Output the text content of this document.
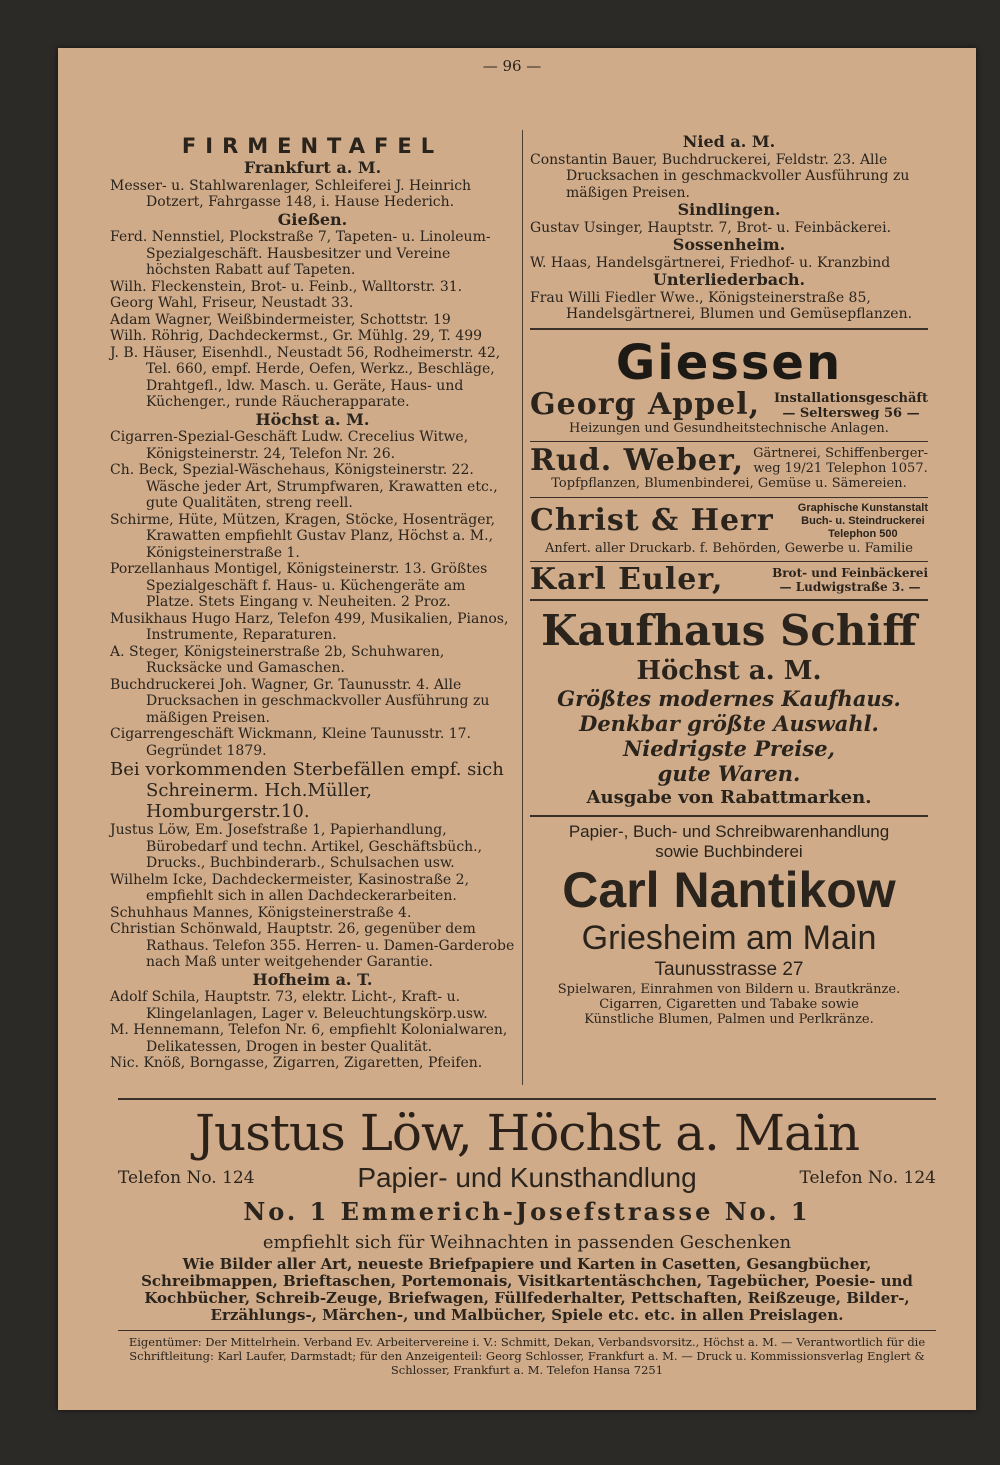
— 96 —
FIRMENTAFEL
Frankfurt a. M.

Messer- u. Stahlwarenlager, Schleiferei J. Heinrich Dotzert, Fahrgasse 148, i. Hause Hederich.

Gießen.

Ferd. Nennstiel, Plockstraße 7, Tapeten- u. Linoleum-Spezialgeschäft. Hausbesitzer und Vereine höchsten Rabatt auf Tapeten.

Wilh. Fleckenstein, Brot- u. Feinb., Walltorstr. 31.

Georg Wahl, Friseur, Neustadt 33.

Adam Wagner, Weißbindermeister, Schottstr. 19

Wilh. Röhrig, Dachdeckermst., Gr. Mühlg. 29, T. 499

J. B. Häuser, Eisenhdl., Neustadt 56, Rodheimerstr. 42, Tel. 660, empf. Herde, Oefen, Werkz., Beschläge, Drahtgefl., ldw. Masch. u. Geräte, Haus- und Küchenger., runde Räucherapparate.

Höchst a. M.

Cigarren-Spezial-Geschäft Ludw. Crecelius Witwe, Königsteinerstr. 24, Telefon Nr. 26.

Ch. Beck, Spezial-Wäschehaus, Königsteinerstr. 22. Wäsche jeder Art, Strumpfwaren, Krawatten etc., gute Qualitäten, streng reell.

Schirme, Hüte, Mützen, Kragen, Stöcke, Hosenträger, Krawatten empfiehlt Gustav Planz, Höchst a. M., Königsteinerstraße 1.

Porzellanhaus Montigel, Königsteinerstr. 13. Größtes Spezialgeschäft f. Haus- u. Küchengeräte am Platze. Stets Eingang v. Neuheiten. 2 Proz.

Musikhaus Hugo Harz, Telefon 499, Musikalien, Pianos, Instrumente, Reparaturen.

A. Steger, Königsteinerstraße 2b, Schuhwaren, Rucksäcke und Gamaschen.

Buchdruckerei Joh. Wagner, Gr. Taunusstr. 4. Alle Drucksachen in geschmackvoller Ausführung zu mäßigen Preisen.

Cigarrengeschäft Wickmann, Kleine Taunusstr. 17. Gegründet 1879.

Bei vorkommenden Sterbefällen empf. sich Schreinerm. Hch.Müller, Homburgerstr.10.

Justus Löw, Em. Josefstraße 1, Papierhandlung, Bürobedarf und techn. Artikel, Geschäftsbüch., Drucks., Buchbinderarb., Schulsachen usw.

Wilhelm Icke, Dachdeckermeister, Kasinostraße 2, empfiehlt sich in allen Dachdeckerarbeiten.

Schuhhaus Mannes, Königsteinerstraße 4.

Christian Schönwald, Hauptstr. 26, gegenüber dem Rathaus. Telefon 355. Herren- u. Damen-Garderobe nach Maß unter weitgehender Garantie.

Hofheim a. T.

Adolf Schila, Hauptstr. 73, elektr. Licht-, Kraft- u. Klingelanlagen, Lager v. Beleuchtungskörp.usw.

M. Hennemann, Telefon Nr. 6, empfiehlt Kolonialwaren, Delikatessen, Drogen in bester Qualität.

Nic. Knöß, Borngasse, Zigarren, Zigaretten, Pfeifen.

Nied a. M.

Constantin Bauer, Buchdruckerei, Feldstr. 23. Alle Drucksachen in geschmackvoller Ausführung zu mäßigen Preisen.

Sindlingen.

Gustav Usinger, Hauptstr. 7, Brot- u. Feinbäckerei.

Sossenheim.

W. Haas, Handelsgärtnerei, Friedhof- u. Kranzbind

Unterliederbach.

Frau Willi Fiedler Wwe., Königsteinerstraße 85, Handelsgärtnerei, Blumen und Gemüsepflanzen.

Giessen
Georg Appel, Installationsgeschäft
— Seltersweg 56 —
Heizungen und Gesundheitstechnische Anlagen.
Rud. Weber, Gärtnerei, Schiffenberger-
weg 19/21 Telephon 1057.
Topfpflanzen, Blumenbinderei, Gemüse u. Sämereien.
Christ & Herr Graphische Kunstanstalt
Buch- u. Steindruckerei
Telephon 500
Anfert. aller Druckarb. f. Behörden, Gewerbe u. Familie
Karl Euler,	Brot- und Feinbäckerei
— Ludwigstraße 3. —
Kaufhaus Schiff
Höchst a. M.
Größtes modernes Kaufhaus.
Denkbar größte Auswahl.
Niedrigste Preise,
gute Waren.
Ausgabe von Rabattmarken.
Papier-, Buch- und Schreibwarenhandlung
sowie Buchbinderei
Carl Nantikow
Griesheim am Main
Taunusstrasse 27
Spielwaren, Einrahmen von Bildern u. Brautkränze.
Cigarren, Cigaretten und Tabake sowie
Künstliche Blumen, Palmen und Perlkränze.
Justus Löw, Höchst a. Main
Telefon No. 124	Papier- und Kunsthandlung	Telefon No. 124
No. 1 Emmerich-Josefstrasse No. 1
empfiehlt sich für Weihnachten in passenden Geschenken
Wie Bilder aller Art, neueste Briefpapiere und Karten in Casetten, Gesangbücher, Schreibmappen, Brieftaschen, Portemonais, Visitkartentäschchen, Tagebücher, Poesie- und Kochbücher, Schreib-Zeuge, Briefwagen, Füllfederhalter, Pettschaften, Reißzeuge, Bilder-, Erzählungs-, Märchen-, und Malbücher, Spiele etc. etc. in allen Preislagen.
Eigentümer: Der Mittelrhein. Verband Ev. Arbeitervereine i. V.: Schmitt, Dekan, Verbandsvorsitz., Höchst a. M. — Verantwortlich für die Schriftleitung: Karl Laufer, Darmstadt; für den Anzeigenteil: Georg Schlosser, Frankfurt a. M. — Druck u. Kommissionsverlag Englert & Schlosser, Frankfurt a. M. Telefon Hansa 7251
